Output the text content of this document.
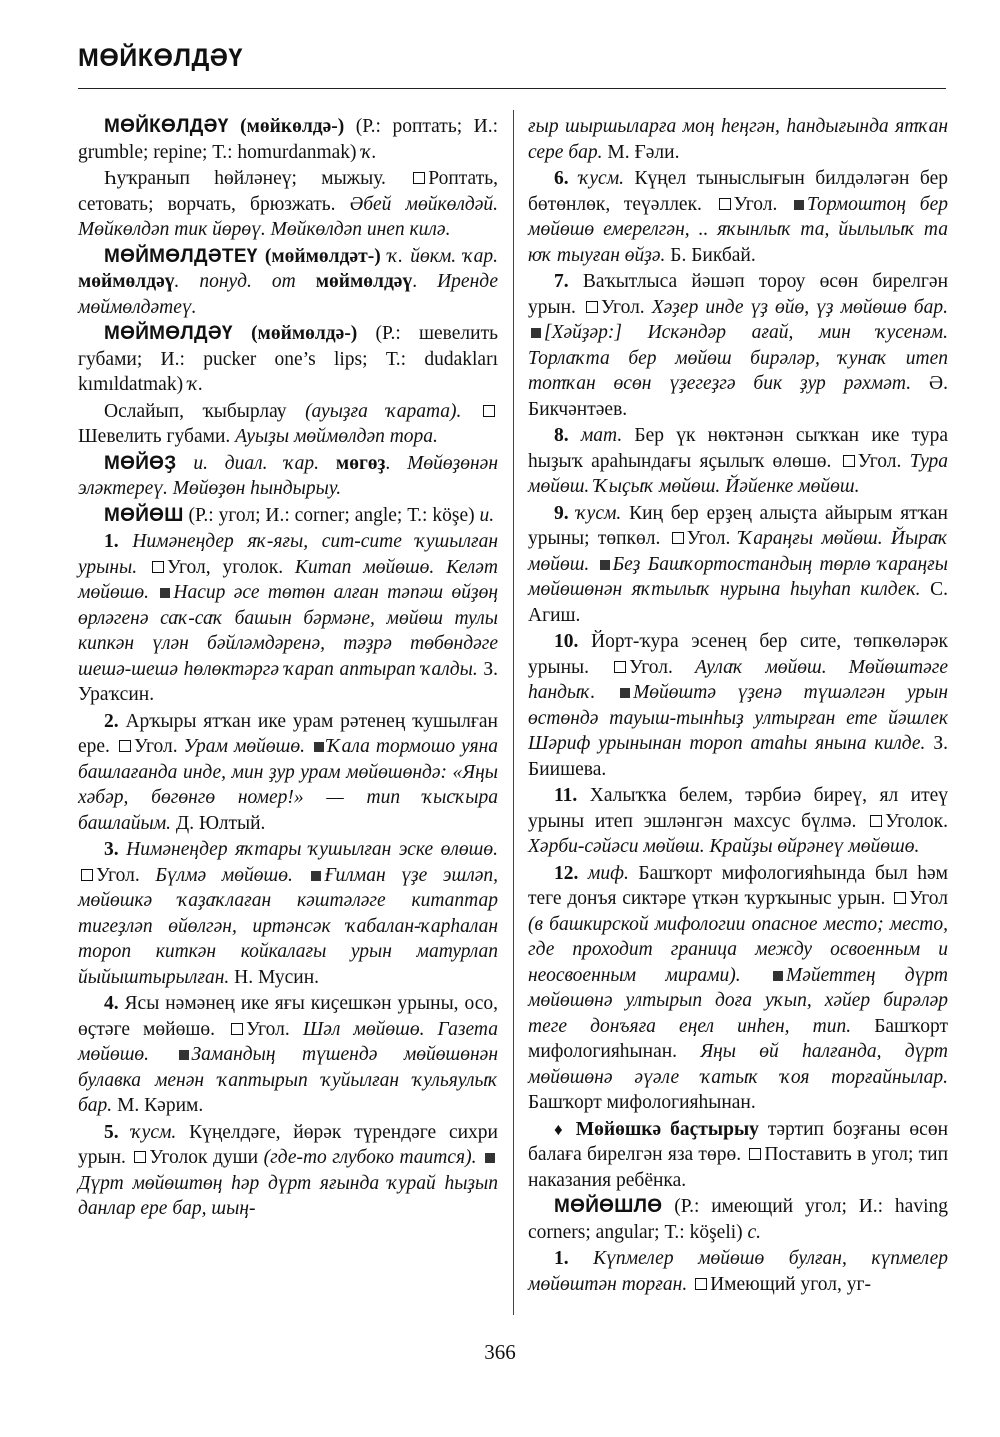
МӨЙКӨЛДӘҮ

МӨЙКӨЛДӘҮ (мөйкөлдә-) (Р.: роптать; И.: grumble; repine; Т.: homurdanmak) ҡ.

Һуҡранып һөйләнеү; мыжыу. Роптать, сетовать; ворчать, брюзжать. Әбей мөйкөлдәй. Мөйкөлдәп тик йөрөү. Мөйкөлдәп инеп килә.

МӨЙМӨЛДӘТЕҮ (мөймөлдәт-) ҡ. йөкм. ҡар. мөймөлдәү. понуд. от мөймөлдәү. Иренде мөймөлдәтеү.

МӨЙМӨЛДӘҮ (мөймөлдә-) (Р.: шевелить губами; И.: pucker one’s lips; Т.: dudakları kımıldatmak) ҡ.

Ослайып, ҡыбырлау (ауыҙға ҡарата). Шевелить губами. Ауыҙы мөймөлдәп тора.

МӨЙӨҘ и. диал. ҡар. мөгөҙ. Мөйөҙөнән эләктереү. Мөйөҙөн һындырыу.

МӨЙӨШ (Р.: угол; И.: corner; angle; Т.: köşe) и.

1. Нимәнеңдер яҡ-яғы, сит-сите ҡушылған урыны. Угол, уголок. Китап мөйөшө. Келәт мөйөшө. Насир әсе төтөн алған тәпәш өйҙөң өрләгенә саҡ-саҡ башын бәрмәне, мөйөш тулы кипкән үлән бәйләмдәренә, тәҙрә төбөндәге шешә-шешә һөлөктәргә ҡарап аптырап ҡалды. З. Ураҡсин.

2. Арҡыры ятҡан ике урам рәтенең ҡушылған ере. Угол. Урам мөйөшө. Ҡала тормошо уяна башлағанда инде, мин ҙур урам мөйөшөндә: «Яңы хәбәр, бөгөнгө номер!» — тип ҡысҡыра башлайым. Д. Юлтый.

3. Нимәнеңдер яҡтары ҡушылған эске өлөшө. Угол. Бүлмә мөйөшө. Ғилман үҙе эшләп, мөйөшкә ҡаҙаҡлаған кәштәләге китаптар тигеҙләп өйөлгән, иртәнсәк ҡабалан-ҡарһалан тороп киткән койкалағы урын матурлап йыйыштырылған. Н. Мусин.

4. Ясы нәмәнең ике яғы киҫешкән урыны, осо, өҫтәге мөйөшө. Угол. Шәл мөйөшө. Газета мөйөшө. Замандың түшендә мөйөшөнән булавка менән ҡаптырып ҡуйылған ҡульяулыҡ бар. М. Кәрим.

5. ҡусм. Күңелдәге, йөрәк түрендәге сихри урын. Уголок души (где-то глубоко таится). Дүрт мөйөштөң һәр дүрт яғында ҡурай һыҙып данлар ере бар, шың-

ғыр шыршыларға моң һеңгән, һандығында ятҡан сере бар. М. Ғәли.

6. ҡусм. Күңел тыныслығын билдәләгән бер бөтөнлөк, теүәллек. Угол. Тормоштоң бер мөйөшө емерелгән, .. яҡынлыҡ та, йылылыҡ та юҡ тыуған өйҙә. Б. Бикбай.

7. Ваҡытлыса йәшәп тороу өсөн бирелгән урын. Угол. Хәҙер инде үҙ өйө, үҙ мөйөшө бар. [Хәйҙәр:] Искәндәр ағай, мин ҡусенәм. Торлаҡта бер мөйөш бирәләр, ҡунаҡ итеп тотҡан өсөн үҙегеҙгә бик ҙур рәхмәт. Ә. Бикчәнтәев.

8. мат. Бер үк нөктәнән сыҡҡан ике тура һыҙыҡ араһындағы яҫылыҡ өлөшө. Угол. Тура мөйөш. Ҡыҫыҡ мөйөш. Йәйенке мөйөш.

9. ҡусм. Киң бер ерҙең алыҫта айырым ятҡан урыны; төпкөл. Угол. Ҡараңғы мөйөш. Йыраҡ мөйөш. Беҙ Башҡортостандың төрлө ҡараңғы мөйөшөнән яҡтылыҡ нурына һыуһап килдек. С. Агиш.

10. Йорт-ҡура эсенең бер сите, төпкөләрәк урыны. Угол. Аулаҡ мөйөш. Мөйөштәге һандыҡ. Мөйөштә үҙенә түшәлгән урын өстөндә тауыш-тынһыҙ ултырған ете йәшлек Шәриф урынынан тороп атаһы янына килде. З. Биишева.

11. Халыҡҡа белем, тәрбиә биреү, ял итеү урыны итеп эшләнгән махсус бүлмә. Уголок. Хәрби-сәйәси мөйөш. Крайҙы өйрәнеү мөйөшө.

12. миф. Башҡорт мифологияһында был һәм теге донъя сиктәре үткән ҡурҡыныс урын. Угол (в башкирской мифологии опасное место; место, где проходит граница между освоенным и неосвоенным мирами). Мәйеттең дүрт мөйөшөнә ултырып доға уҡып, хәйер бирәләр теге донъяға еңел инһен, тип. Башҡорт мифологияһынан. Яңы өй һалғанда, дүрт мөйөшөнә әүәле ҡатыҡ ҡоя торғайнылар. Башҡорт мифологияһынан.

♦ Мөйөшкә баҫтырыу тәртип боҙғаны өсөн балаға бирелгән яза төрө. Поставить в угол; тип наказания ребёнка.

МӨЙӨШЛӨ (Р.: имеющий угол; И.: having corners; angular; Т.: köşeli) с.

1. Күпмелер мөйөшө булған, күпмелер мөйөштән торған. Имеющий угол, уг-

366
